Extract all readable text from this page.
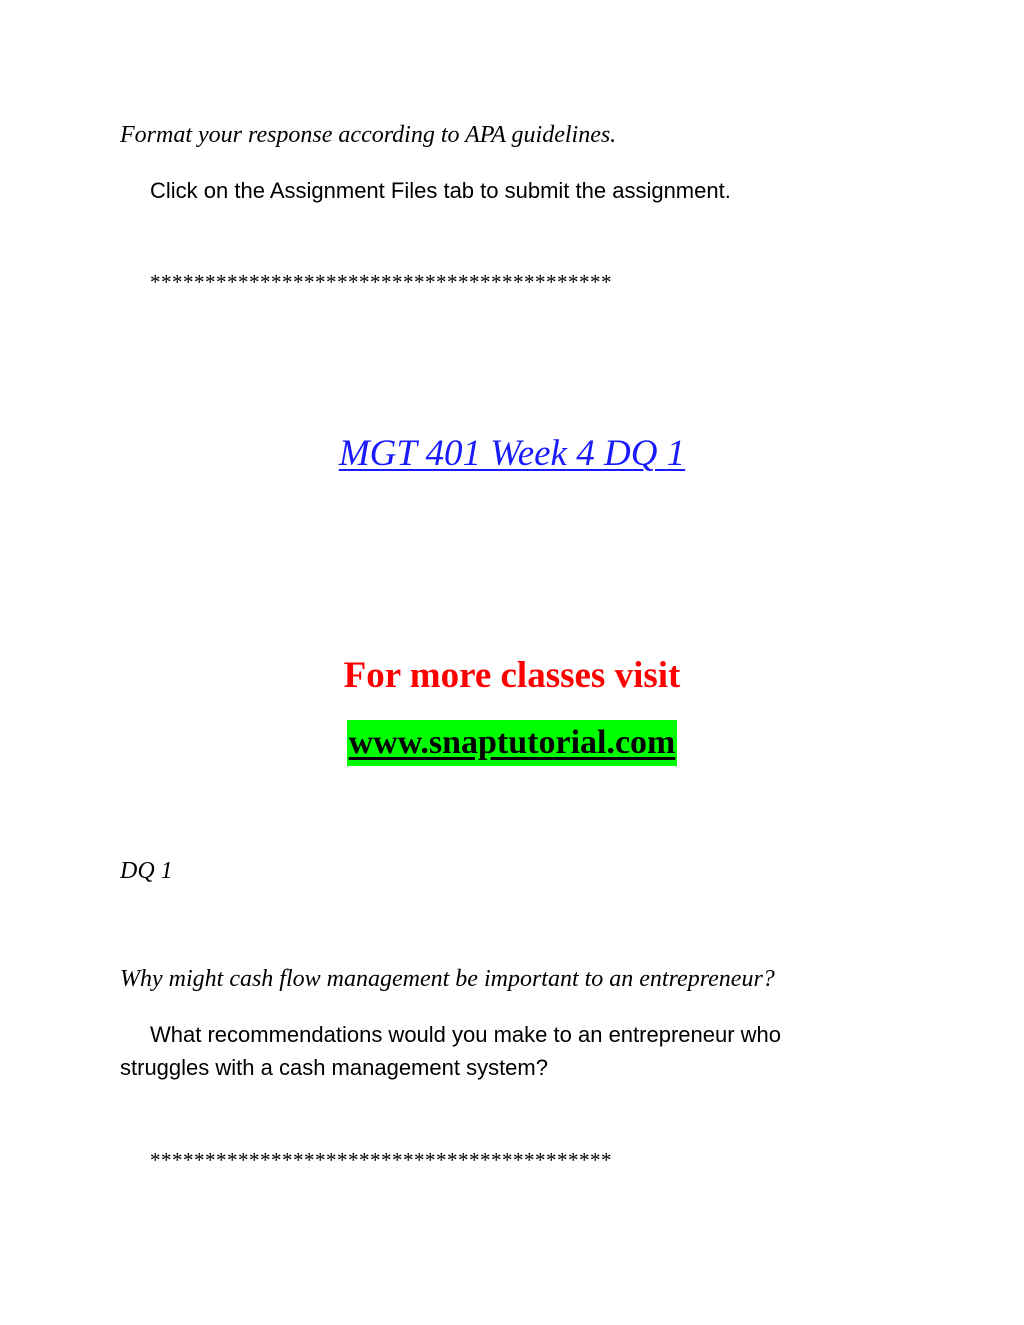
Format your response according to APA guidelines.
Click on the Assignment Files tab to submit the assignment.
******************************************
MGT 401 Week 4 DQ 1
For more classes visit
www.snaptutorial.com
DQ 1
Why might cash flow management be important to an entrepreneur?
What recommendations would you make to an entrepreneur who
struggles with a cash management system?
******************************************
